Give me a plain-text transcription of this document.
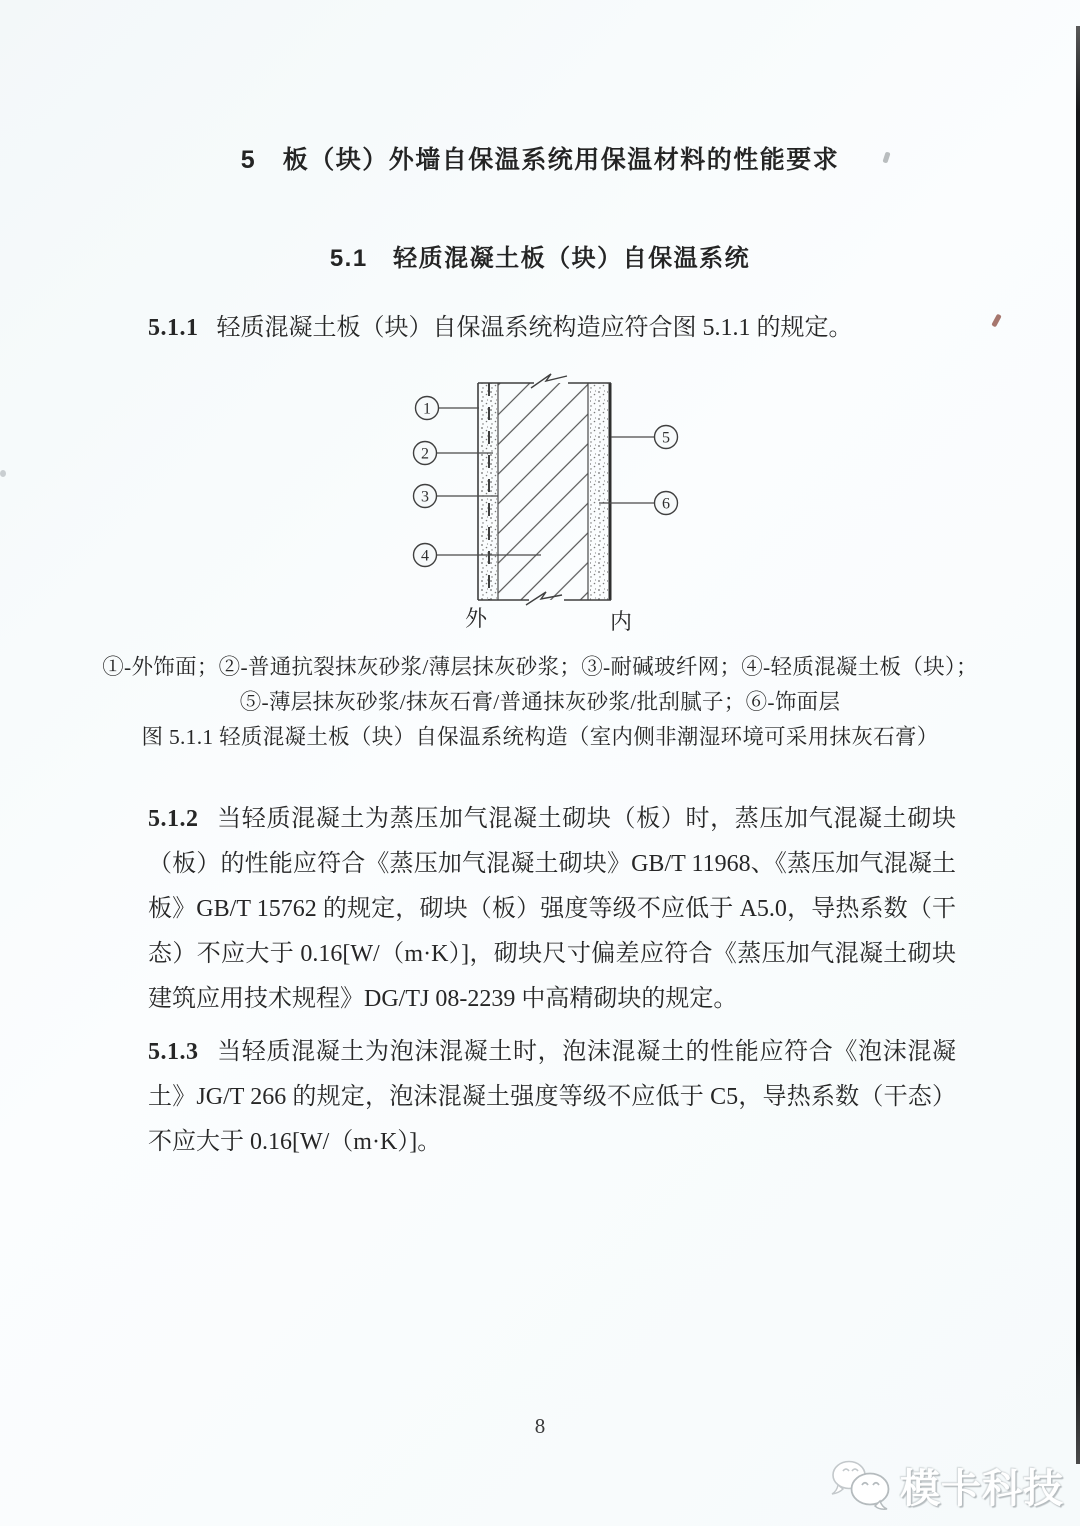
5　板（块）外墙自保温系统用保温材料的性能要求
5.1　轻质混凝土板（块）自保温系统
5.1.1 轻质混凝土板（块）自保温系统构造应符合图 5.1.1 的规定。
1
2
3
4
5
6
外	内
①-外饰面；②-普通抗裂抹灰砂浆/薄层抹灰砂浆；③-耐碱玻纤网；④-轻质混凝土板（块）；
⑤-薄层抹灰砂浆/抹灰石膏/普通抹灰砂浆/批刮腻子；⑥-饰面层
图 5.1.1 轻质混凝土板（块）自保温系统构造（室内侧非潮湿环境可采用抹灰石膏）
5.1.2 当轻质混凝土为蒸压加气混凝土砌块（板）时，蒸压加气混凝土砌块（板）的性能应符合《蒸压加气混凝土砌块》GB/T 11968、《蒸压加气混凝土板》GB/T 15762 的规定，砌块（板）强度等级不应低于 A5.0，导热系数（干态）不应大于 0.16[W/（m·K）]，砌块尺寸偏差应符合《蒸压加气混凝土砌块建筑应用技术规程》DG/TJ 08-2239 中高精砌块的规定。
5.1.3 当轻质混凝土为泡沫混凝土时，泡沫混凝土的性能应符合《泡沫混凝土》JG/T 266 的规定，泡沫混凝土强度等级不应低于 C5，导热系数（干态）不应大于 0.16[W/（m·K）]。
8
模卡科技
